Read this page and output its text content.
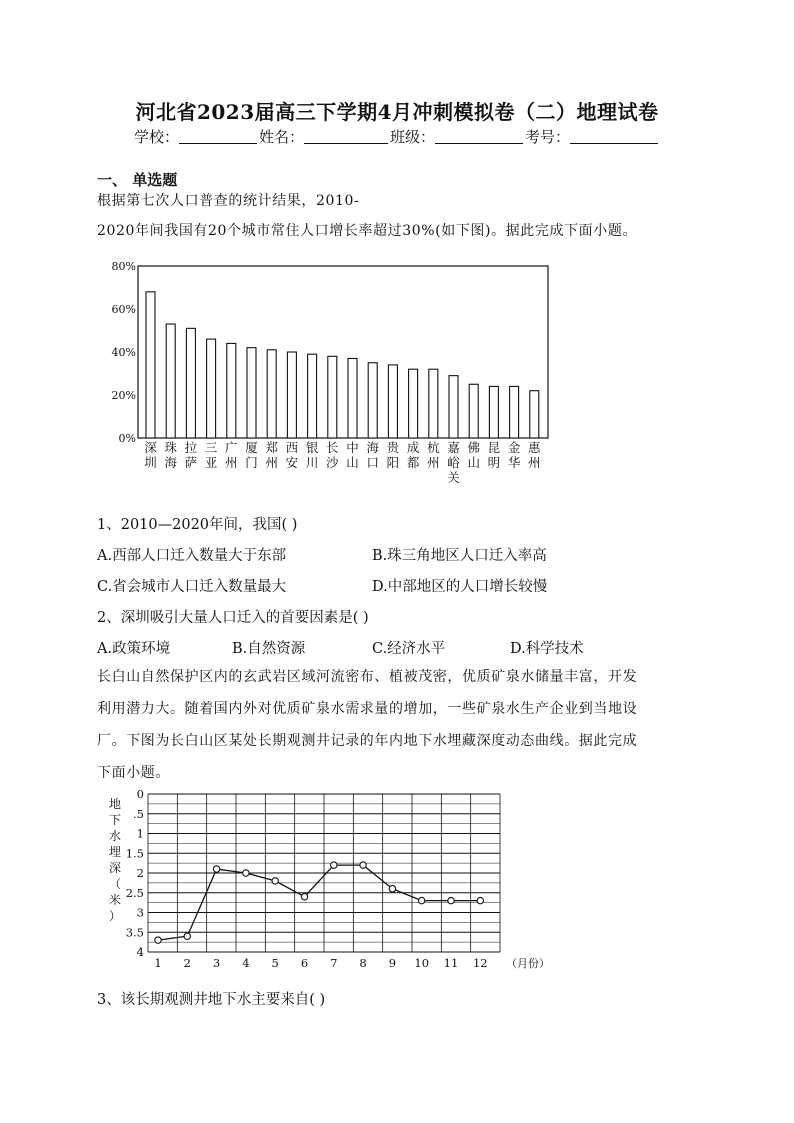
河北省2023届高三下学期4月冲刺模拟卷（二）地理试卷
学校：	姓名：	班级：	考号：
一、 单选题
根据第七次人口普查的统计结果，2010-
2020年间我国有20个城市常住人口增长率超过30%(如下图)。据此完成下面小题。
0%
20%
40%
60%
80%
深圳
珠海
拉萨
三亚
广州
厦门
郑州
西安
银川
长沙
中山
海口
贵阳
成都
杭州
嘉峪关
佛山
昆明
金华
惠州
1、2010—2020年间，我国( )
A.西部人口迁入数量大于东部	B.珠三角地区人口迁入率高
C.省会城市人口迁入数量最大	D.中部地区的人口增长较慢
2、深圳吸引大量人口迁入的首要因素是( )
A.政策环境	B.自然资源	C.经济水平	D.科学技术
长白山自然保护区内的玄武岩区域河流密布、植被茂密，优质矿泉水储量丰富，开发
利用潜力大。随着国内外对优质矿泉水需求量的增加，一些矿泉水生产企业到当地设
厂。下图为长白山区某处长期观测井记录的年内地下水埋藏深度动态曲线。据此完成
下面小题。
0
.5
1
1.5
2
2.5
3
3.5
4
地下水埋深（米）
1 2 3 4 5 6 7 8 9 10 11 12 （月份）
3、该长期观测井地下水主要来自( )
